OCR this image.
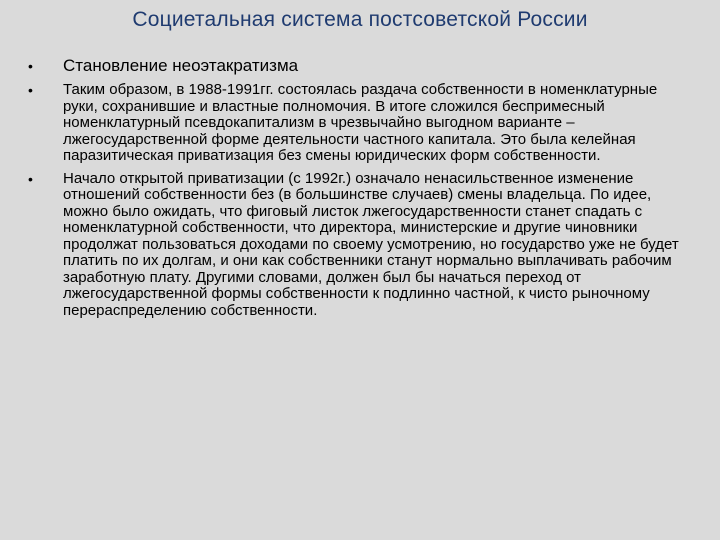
Социетальная система постсоветской России
•	Становление неоэтакратизма
•	Таким образом, в 1988-1991гг. состоялась раздача собственности в номенклатурные руки, сохранившие и властные полномочия. В итоге сложился беспримесный номенклатурный псевдокапитализм в чрезвычайно выгодном варианте – лжегосударственной форме деятельности частного капитала. Это была келейная паразитическая приватизация без смены юридических форм собственности.
•	Начало открытой приватизации (с 1992г.) означало ненасильственное изменение отношений собственности без (в большинстве случаев) смены владельца. По идее, можно было ожидать, что фиговый листок лжегосударственности станет спадать с номенклатурной собственности, что директора, министерские и другие чиновники продолжат пользоваться доходами по своему усмотрению, но государство уже не будет платить по их долгам, и они как собственники станут нормально выплачивать рабочим заработную плату. Другими словами, должен был бы начаться переход от лжегосударственной формы собственности к подлинно частной, к чисто рыночному перераспределению собственности.
